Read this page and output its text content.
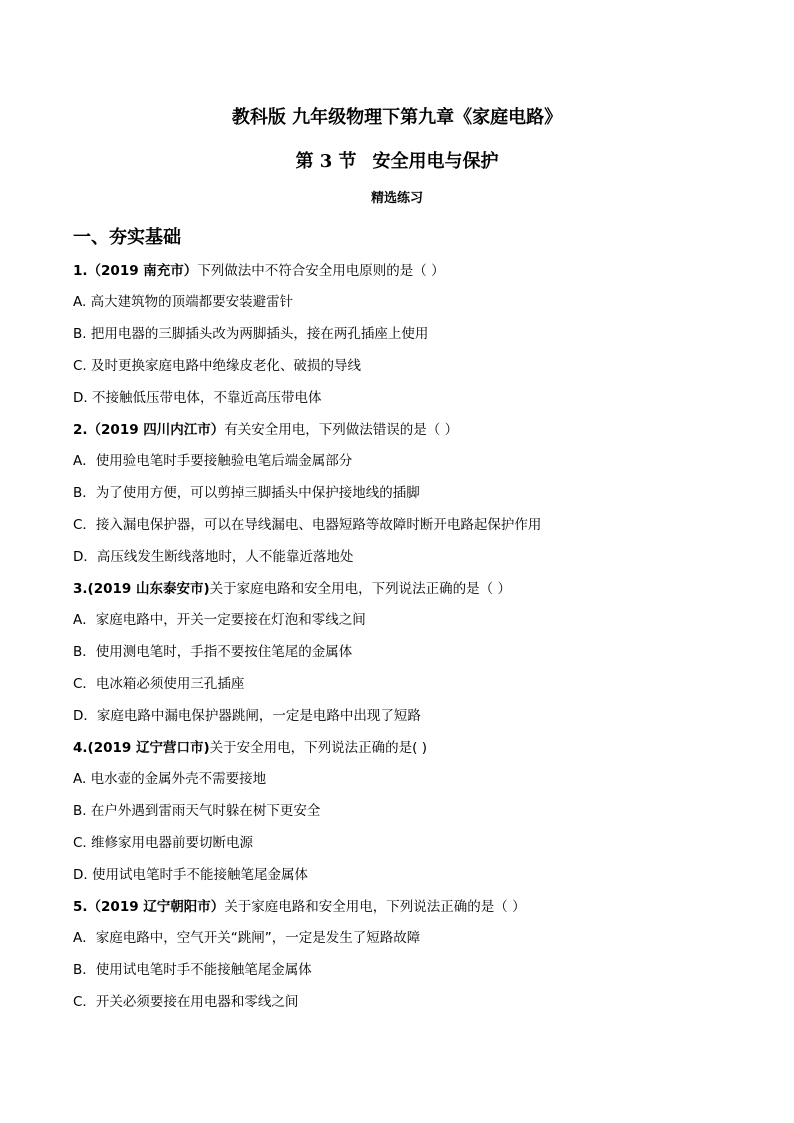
教科版 九年级物理下第九章《家庭电路》
第 3 节 安全用电与保护
精选练习
一、夯实基础
1.（2019 南充市）下列做法中不符合安全用电原则的是（ ）
A. 高大建筑物的顶端都要安装避雷针
B. 把用电器的三脚插头改为两脚插头，接在两孔插座上使用
C. 及时更换家庭电路中绝缘皮老化、破损的导线
D. 不接触低压带电体，不靠近高压带电体
2.（2019 四川内江市）有关安全用电，下列做法错误的是（ ）
A．使用验电笔时手要接触验电笔后端金属部分
B．为了使用方便，可以剪掉三脚插头中保护接地线的插脚
C．接入漏电保护器，可以在导线漏电、电器短路等故障时断开电路起保护作用
D．高压线发生断线落地时，人不能靠近落地处
3.(2019 山东泰安市)关于家庭电路和安全用电，下列说法正确的是（ ）
A．家庭电路中，开关一定要接在灯泡和零线之间
B．使用测电笔时，手指不要按住笔尾的金属体
C．电冰箱必须使用三孔插座
D．家庭电路中漏电保护器跳闸，一定是电路中出现了短路
4.(2019 辽宁营口市)关于安全用电，下列说法正确的是( )
A. 电水壶的金属外壳不需要接地
B. 在户外遇到雷雨天气时躲在树下更安全
C. 维修家用电器前要切断电源
D. 使用试电笔时手不能接触笔尾金属体
5.（2019 辽宁朝阳市）关于家庭电路和安全用电，下列说法正确的是（ ）
A．家庭电路中，空气开关“跳闸”，一定是发生了短路故障
B．使用试电笔时手不能接触笔尾金属体
C．开关必须要接在用电器和零线之间
